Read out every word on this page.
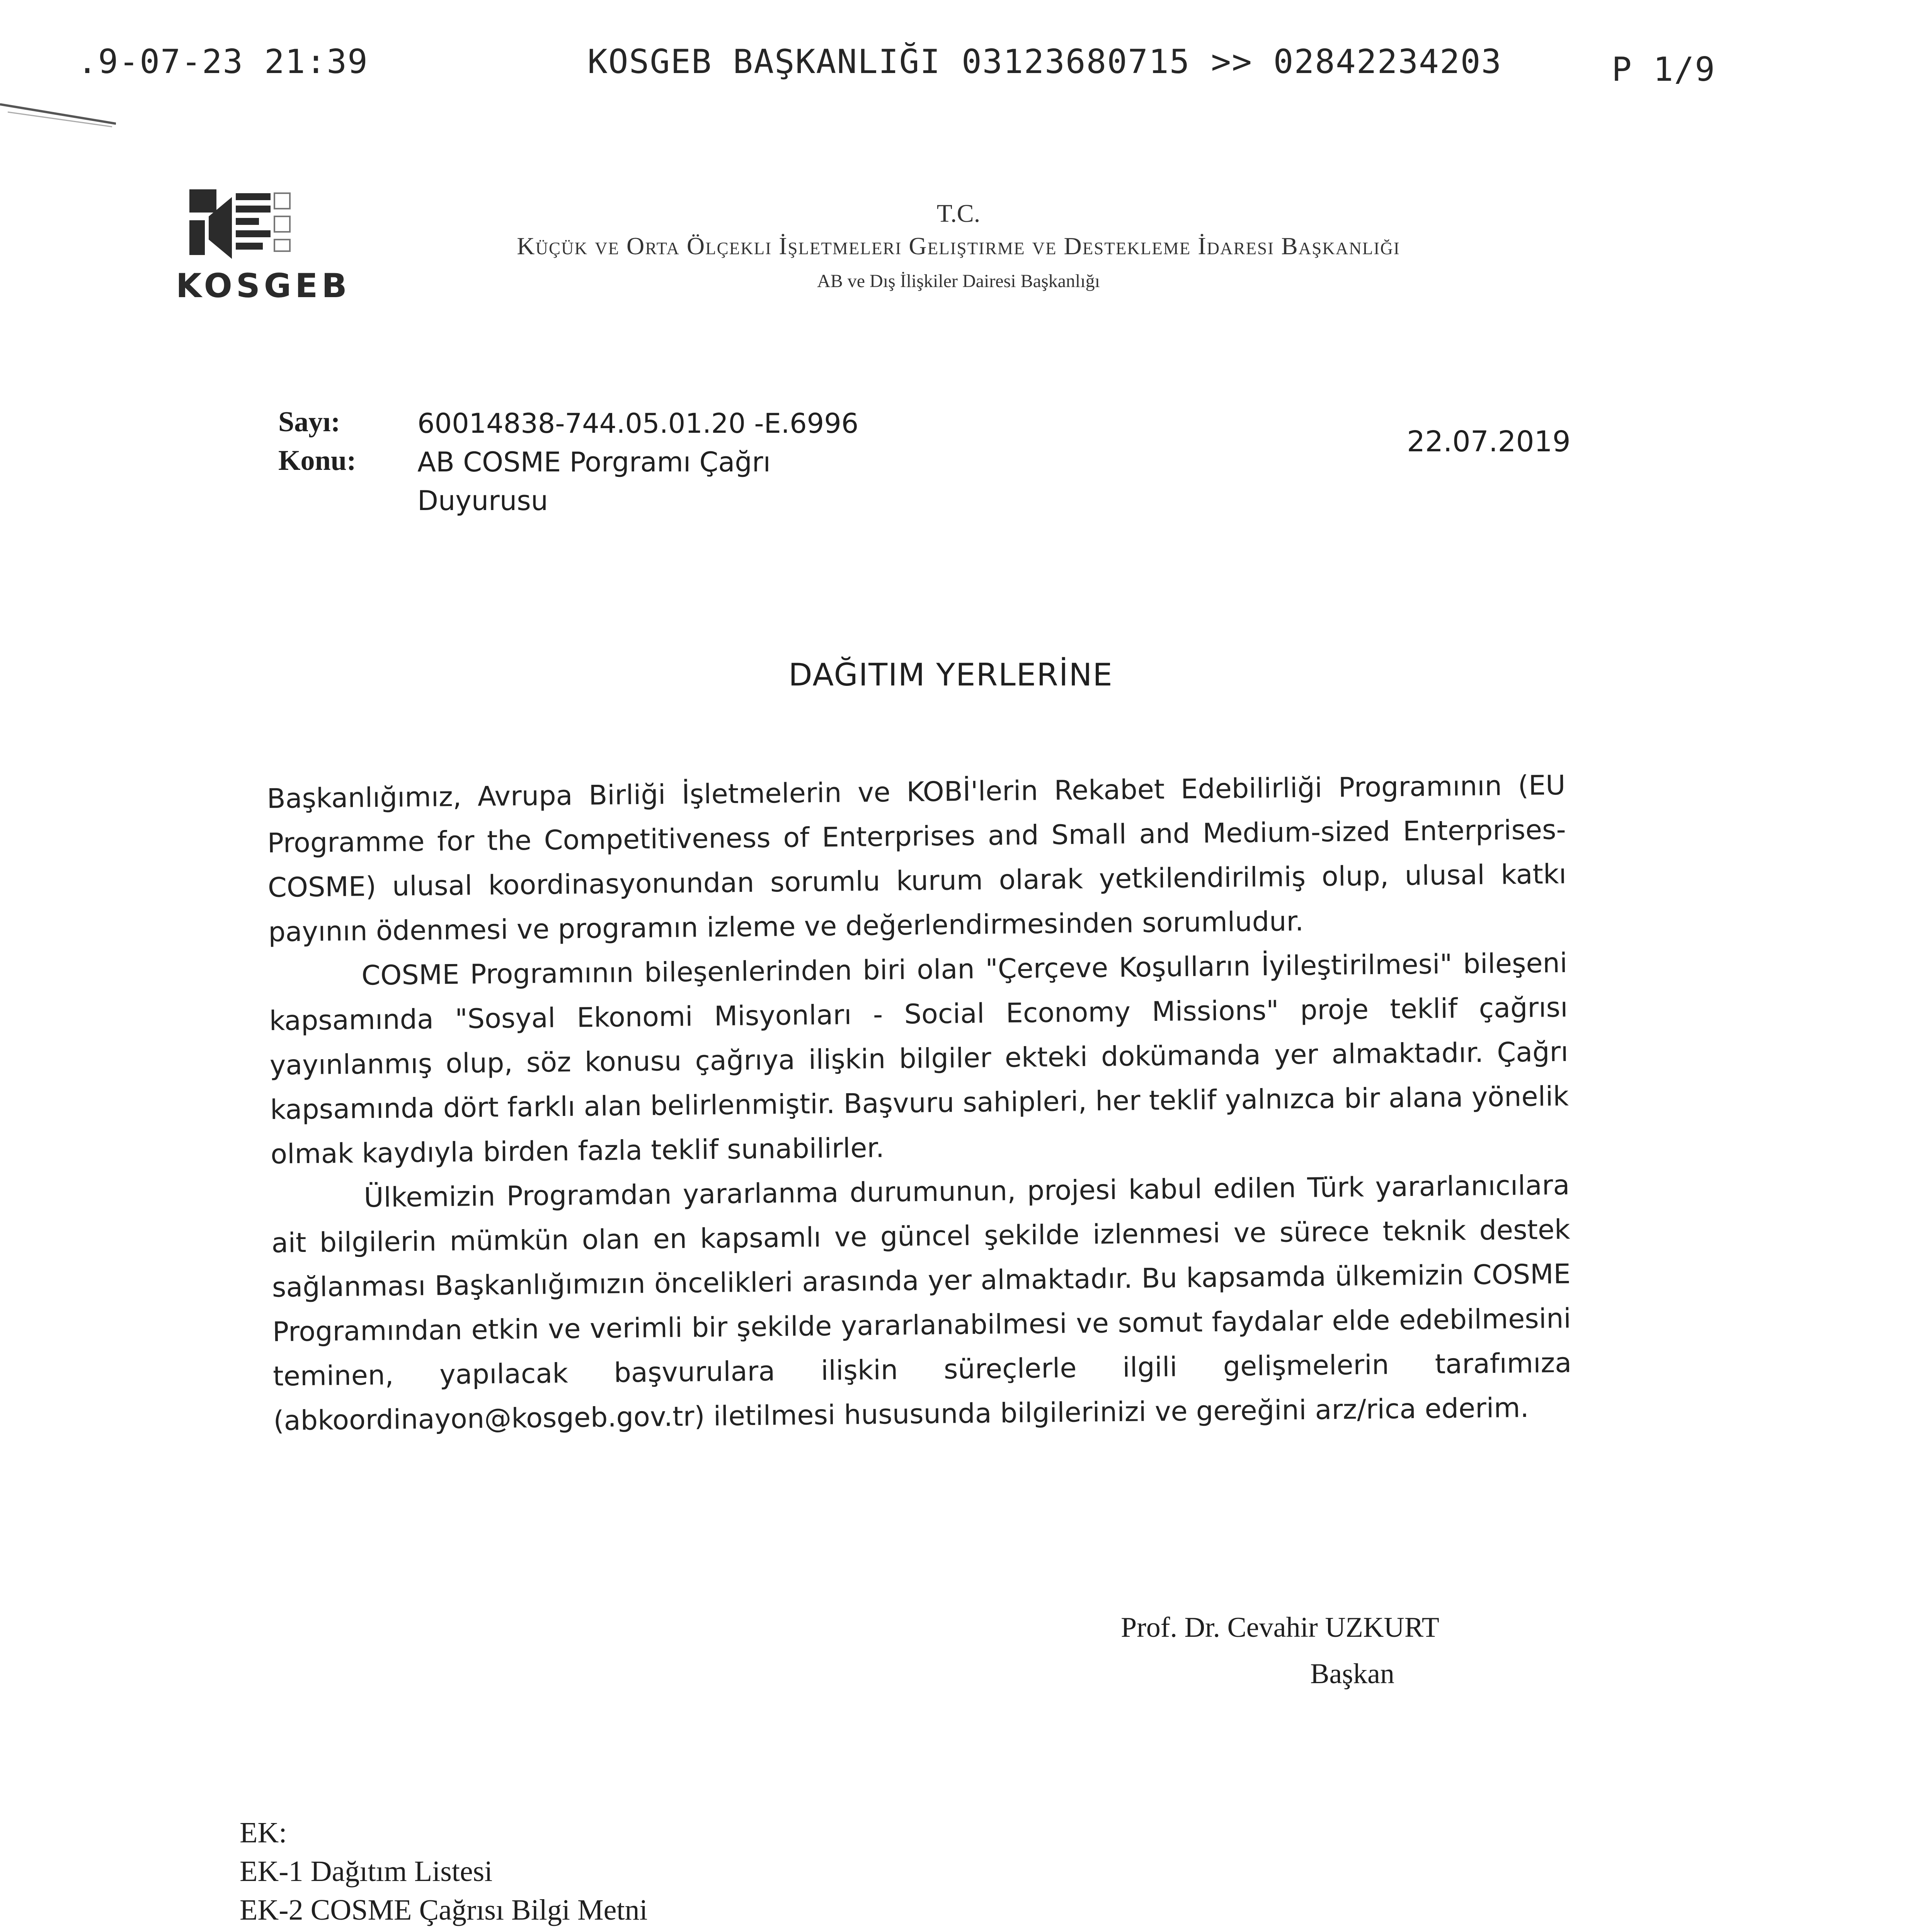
.9-07-23 21:39	KOSGEB BAŞKANLIĞI 03123680715 >> 02842234203	P 1/9
KOSGEB
T.C.
Küçük ve Orta Ölçekli İşletmeleri Geliştirme ve Destekleme İdaresi Başkanlığı
AB ve Dış İlişkiler Dairesi Başkanlığı
Sayı:	60014838-744.05.01.20 -E.6996
Konu: AB COSME Porgramı Çağrı
Duyurusu
22.07.2019
DAĞITIM YERLERİNE

Başkanlığımız, Avrupa Birliği İşletmelerin ve KOBİ'lerin Rekabet Edebilirliği Programının (EU Programme for the Competitiveness of Enterprises and Small and Medium-sized Enterprises-COSME) ulusal koordinasyonundan sorumlu kurum olarak yetkilendirilmiş olup, ulusal katkı payının ödenmesi ve programın izleme ve değerlendirmesinden sorumludur.

COSME Programının bileşenlerinden biri olan "Çerçeve Koşulların İyileştirilmesi" bileşeni kapsamında "Sosyal Ekonomi Misyonları - Social Economy Missions" proje teklif çağrısı yayınlanmış olup, söz konusu çağrıya ilişkin bilgiler ekteki dokümanda yer almaktadır. Çağrı kapsamında dört farklı alan belirlenmiştir. Başvuru sahipleri, her teklif yalnızca bir alana yönelik olmak kaydıyla birden fazla teklif sunabilirler.

Ülkemizin Programdan yararlanma durumunun, projesi kabul edilen Türk yararlanıcılara ait bilgilerin mümkün olan en kapsamlı ve güncel şekilde izlenmesi ve sürece teknik destek sağlanması Başkanlığımızın öncelikleri arasında yer almaktadır. Bu kapsamda ülkemizin COSME Programından etkin ve verimli bir şekilde yararlanabilmesi ve somut faydalar elde edebilmesini teminen, yapılacak başvurulara ilişkin süreçlerle ilgili gelişmelerin tarafımıza (abkoordinayon@kosgeb.gov.tr) iletilmesi hususunda bilgilerinizi ve gereğini arz/rica ederim.

Prof. Dr. Cevahir UZKURT
Başkan
EK:
EK-1 Dağıtım Listesi
EK-2 COSME Çağrısı Bilgi Metni
